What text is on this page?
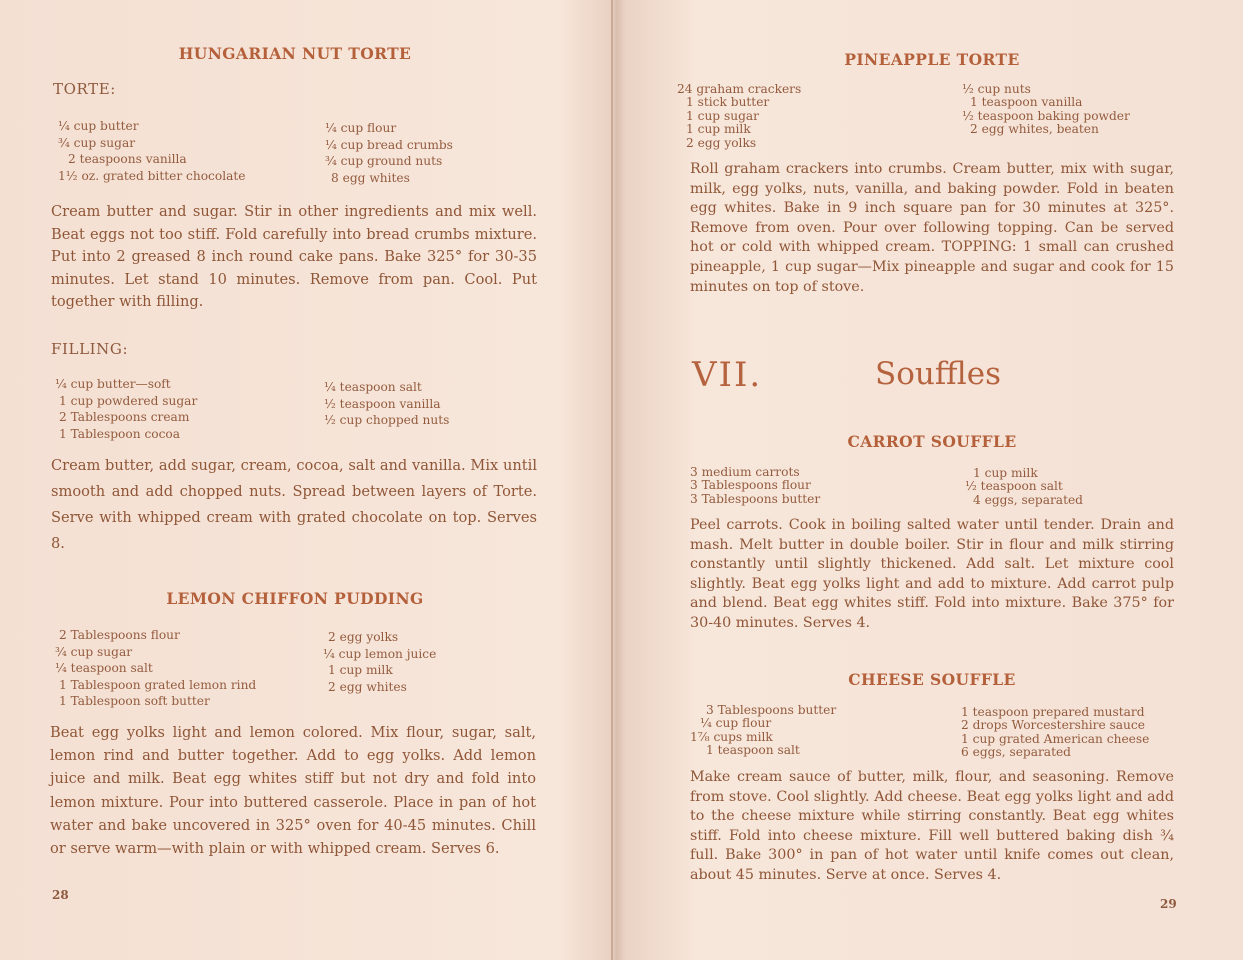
HUNGARIAN NUT TORTE
TORTE:
¼ cup butter
¾ cup sugar
2 teaspoons vanilla
1½ oz. grated bitter chocolate
¼ cup flour
¼ cup bread crumbs
¾ cup ground nuts
8 egg whites
Cream butter and sugar. Stir in other ingredients and mix well. Beat eggs not too stiff. Fold carefully into bread crumbs mixture. Put into 2 greased 8 inch round cake pans. Bake 325° for 30-35 minutes. Let stand 10 minutes. Remove from pan. Cool. Put together with filling.
FILLING:
¼ cup butter—soft
1 cup powdered sugar
2 Tablespoons cream
1 Tablespoon cocoa
¼ teaspoon salt
½ teaspoon vanilla
½ cup chopped nuts
Cream butter, add sugar, cream, cocoa, salt and vanilla. Mix until smooth and add chopped nuts. Spread between layers of Torte. Serve with whipped cream with grated chocolate on top. Serves 8.
LEMON CHIFFON PUDDING
2 Tablespoons flour
¾ cup sugar
¼ teaspoon salt
1 Tablespoon grated lemon rind
1 Tablespoon soft butter
2 egg yolks
¼ cup lemon juice
1 cup milk
2 egg whites
Beat egg yolks light and lemon colored. Mix flour, sugar, salt, lemon rind and butter together. Add to egg yolks. Add lemon juice and milk. Beat egg whites stiff but not dry and fold into lemon mixture. Pour into buttered casserole. Place in pan of hot water and bake uncovered in 325° oven for 40-45 minutes. Chill or serve warm—with plain or with whipped cream. Serves 6.
28
PINEAPPLE TORTE
24 graham crackers
1 stick butter
1 cup sugar
1 cup milk
2 egg yolks
½ cup nuts
1 teaspoon vanilla
½ teaspoon baking powder
2 egg whites, beaten
Roll graham crackers into crumbs. Cream butter, mix with sugar, milk, egg yolks, nuts, vanilla, and baking powder. Fold in beaten egg whites. Bake in 9 inch square pan for 30 minutes at 325°. Remove from oven. Pour over following topping. Can be served hot or cold with whipped cream. TOPPING: 1 small can crushed pineapple, 1 cup sugar—Mix pineapple and sugar and cook for 15 minutes on top of stove.
VII.	Souffles
CARROT SOUFFLE
3 medium carrots
3 Tablespoons flour
3 Tablespoons butter
1 cup milk
½ teaspoon salt
4 eggs, separated
Peel carrots. Cook in boiling salted water until tender. Drain and mash. Melt butter in double boiler. Stir in flour and milk stirring constantly until slightly thickened. Add salt. Let mixture cool slightly. Beat egg yolks light and add to mixture. Add carrot pulp and blend. Beat egg whites stiff. Fold into mixture. Bake 375° for 30-40 minutes. Serves 4.
CHEESE SOUFFLE
3 Tablespoons butter
¼ cup flour
1⅞ cups milk
1 teaspoon salt
1 teaspoon prepared mustard
2 drops Worcestershire sauce
1 cup grated American cheese
6 eggs, separated
Make cream sauce of butter, milk, flour, and seasoning. Remove from stove. Cool slightly. Add cheese. Beat egg yolks light and add to the cheese mixture while stirring constantly. Beat egg whites stiff. Fold into cheese mixture. Fill well buttered baking dish ¾ full. Bake 300° in pan of hot water until knife comes out clean, about 45 minutes. Serve at once. Serves 4.
29
